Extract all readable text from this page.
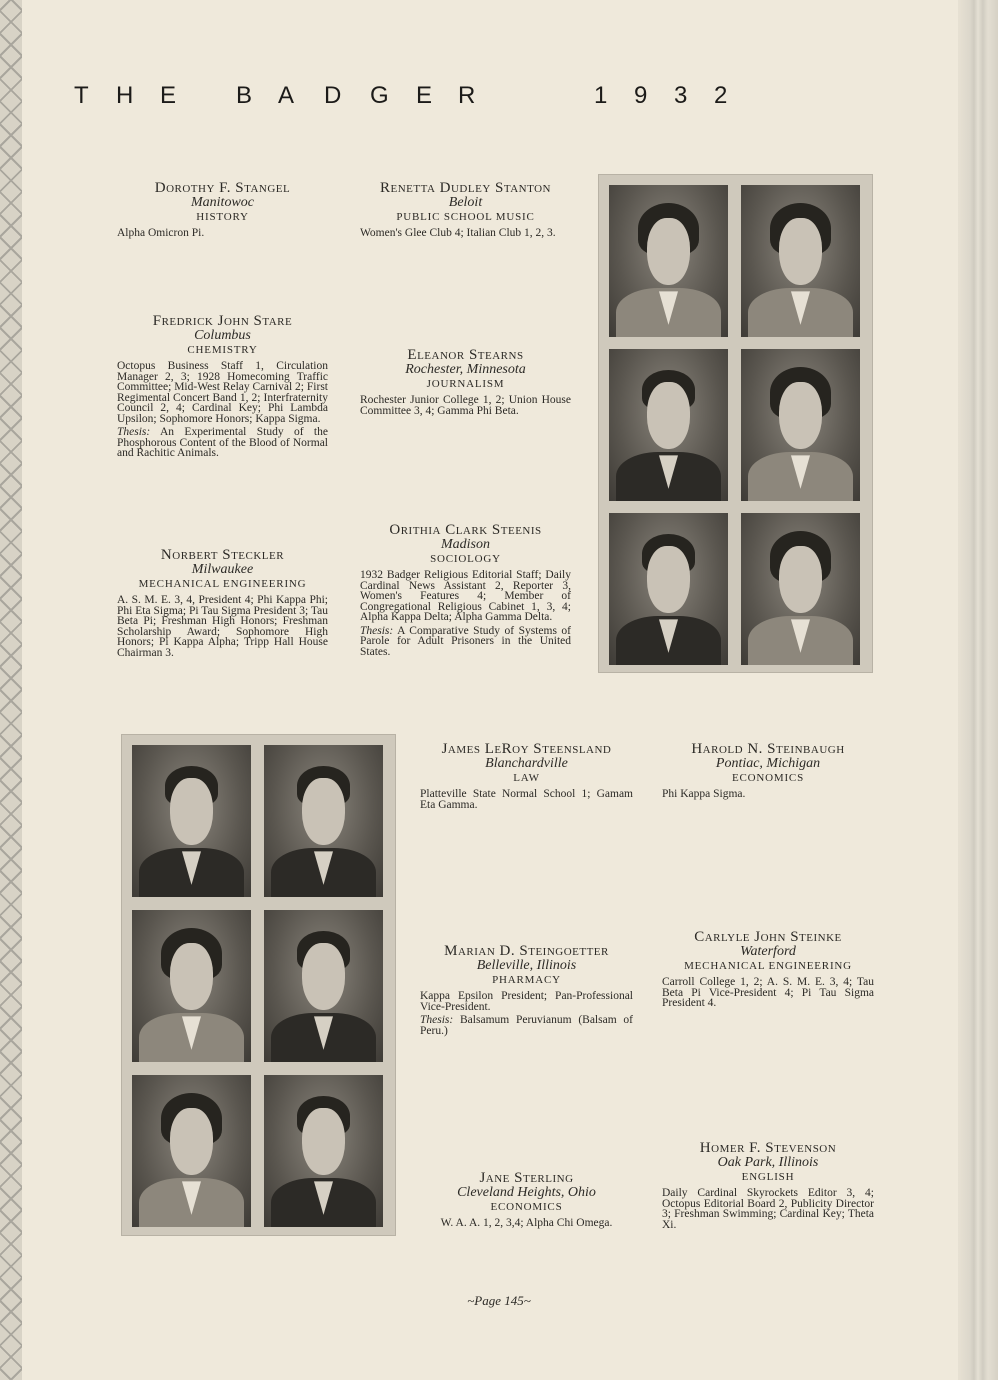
T H E B A D G E R	1 9 3 2
Dorothy F. Stangel
Manitowoc
HISTORY
Alpha Omicron Pi.
Renetta Dudley Stanton
Beloit
PUBLIC SCHOOL MUSIC
Women's Glee Club 4; Italian Club 1, 2, 3.
Fredrick John Stare
Columbus
CHEMISTRY
Octopus Business Staff 1, Circulation Manager 2, 3; 1928 Homecoming Traffic Committee; Mid-West Relay Carnival 2; First Regimental Concert Band 1, 2; Interfraternity Council 2, 4; Cardinal Key; Phi Lambda Upsilon; Sophomore Honors; Kappa Sigma.
Thesis: An Experimental Study of the Phosphorous Content of the Blood of Normal and Rachitic Animals.
Eleanor Stearns
Rochester, Minnesota
JOURNALISM
Rochester Junior College 1, 2; Union House Committee 3, 4; Gamma Phi Beta.
Norbert Steckler
Milwaukee
MECHANICAL ENGINEERING
A. S. M. E. 3, 4, President 4; Phi Kappa Phi; Phi Eta Sigma; Pi Tau Sigma President 3; Tau Beta Pi; Freshman High Honors; Freshman Scholarship Award; Sophomore High Honors; Pi Kappa Alpha; Tripp Hall House Chairman 3.
Orithia Clark Steenis
Madison
SOCIOLOGY
1932 Badger Religious Editorial Staff; Daily Cardinal News Assistant 2, Reporter 3, Women's Features 4; Member of Congregational Religious Cabinet 1, 3, 4; Alpha Kappa Delta; Alpha Gamma Delta.
Thesis: A Comparative Study of Systems of Parole for Adult Prisoners in the United States.
James LeRoy Steensland
Blanchardville
LAW
Platteville State Normal School 1; Gamam Eta Gamma.
Harold N. Steinbaugh
Pontiac, Michigan
ECONOMICS
Phi Kappa Sigma.
Marian D. Steingoetter
Belleville, Illinois
PHARMACY
Kappa Epsilon President; Pan-Professional Vice-President.
Thesis: Balsamum Peruvianum (Balsam of Peru.)
Carlyle John Steinke
Waterford
MECHANICAL ENGINEERING
Carroll College 1, 2; A. S. M. E. 3, 4; Tau Beta Pi Vice-President 4; Pi Tau Sigma President 4.
Jane Sterling
Cleveland Heights, Ohio
ECONOMICS
W. A. A. 1, 2, 3,4; Alpha Chi Omega.
Homer F. Stevenson
Oak Park, Illinois
ENGLISH
Daily Cardinal Skyrockets Editor 3, 4; Octopus Editorial Board 2, Publicity Director 3; Freshman Swimming; Cardinal Key; Theta Xi.
~Page 145~
